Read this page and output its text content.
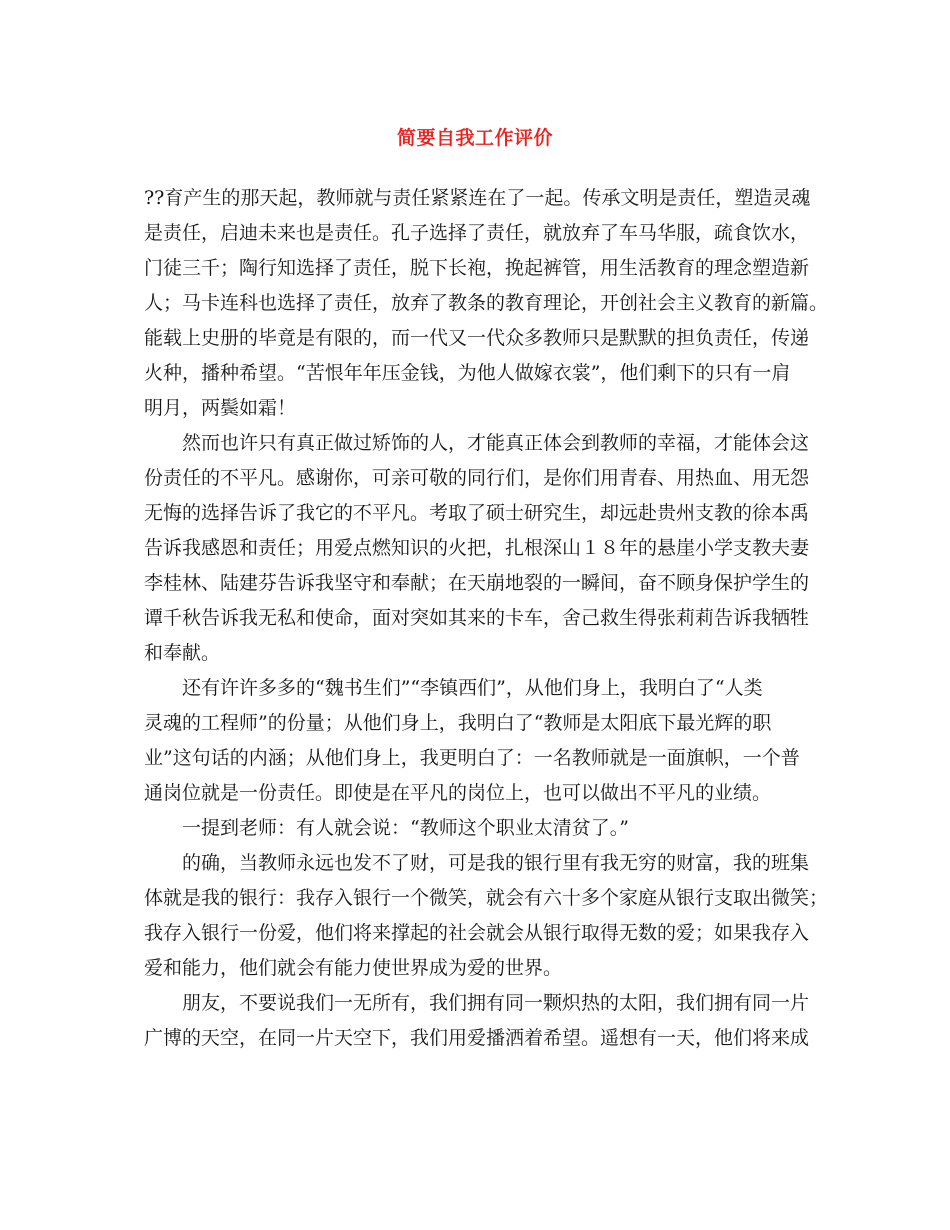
简要自我工作评价
??育产生的那天起，教师就与责任紧紧连在了一起。传承文明是责任，塑造灵魂
是责任，启迪未来也是责任。孔子选择了责任，就放弃了车马华服，疏食饮水，
门徒三千；陶行知选择了责任，脱下长袍，挽起裤管，用生活教育的理念塑造新
人；马卡连科也选择了责任，放弃了教条的教育理论，开创社会主义教育的新篇。
能载上史册的毕竟是有限的，而一代又一代众多教师只是默默的担负责任，传递
火种，播种希望。“苦恨年年压金钱，为他人做嫁衣裳”，他们剩下的只有一肩
明月，两鬓如霜！
然而也许只有真正做过矫饰的人，才能真正体会到教师的幸福，才能体会这
份责任的不平凡。感谢你，可亲可敬的同行们，是你们用青春、用热血、用无怨
无悔的选择告诉了我它的不平凡。考取了硕士研究生，却远赴贵州支教的徐本禹
告诉我感恩和责任；用爱点燃知识的火把，扎根深山１８年的悬崖小学支教夫妻
李桂林、陆建芬告诉我坚守和奉献；在天崩地裂的一瞬间，奋不顾身保护学生的
谭千秋告诉我无私和使命，面对突如其来的卡车，舍己救生得张莉莉告诉我牺牲
和奉献。
还有许许多多的“魏书生们”“李镇西们”，从他们身上，我明白了“人类
灵魂的工程师”的份量；从他们身上，我明白了“教师是太阳底下最光辉的职
业”这句话的内涵；从他们身上，我更明白了：一名教师就是一面旗帜，一个普
通岗位就是一份责任。即使是在平凡的岗位上，也可以做出不平凡的业绩。
一提到老师：有人就会说：“教师这个职业太清贫了。”
的确，当教师永远也发不了财，可是我的银行里有我无穷的财富，我的班集
体就是我的银行：我存入银行一个微笑，就会有六十多个家庭从银行支取出微笑；
我存入银行一份爱，他们将来撑起的社会就会从银行取得无数的爱；如果我存入
爱和能力，他们就会有能力使世界成为爱的世界。
朋友，不要说我们一无所有，我们拥有同一颗炽热的太阳，我们拥有同一片
广博的天空，在同一片天空下，我们用爱播洒着希望。遥想有一天，他们将来成
